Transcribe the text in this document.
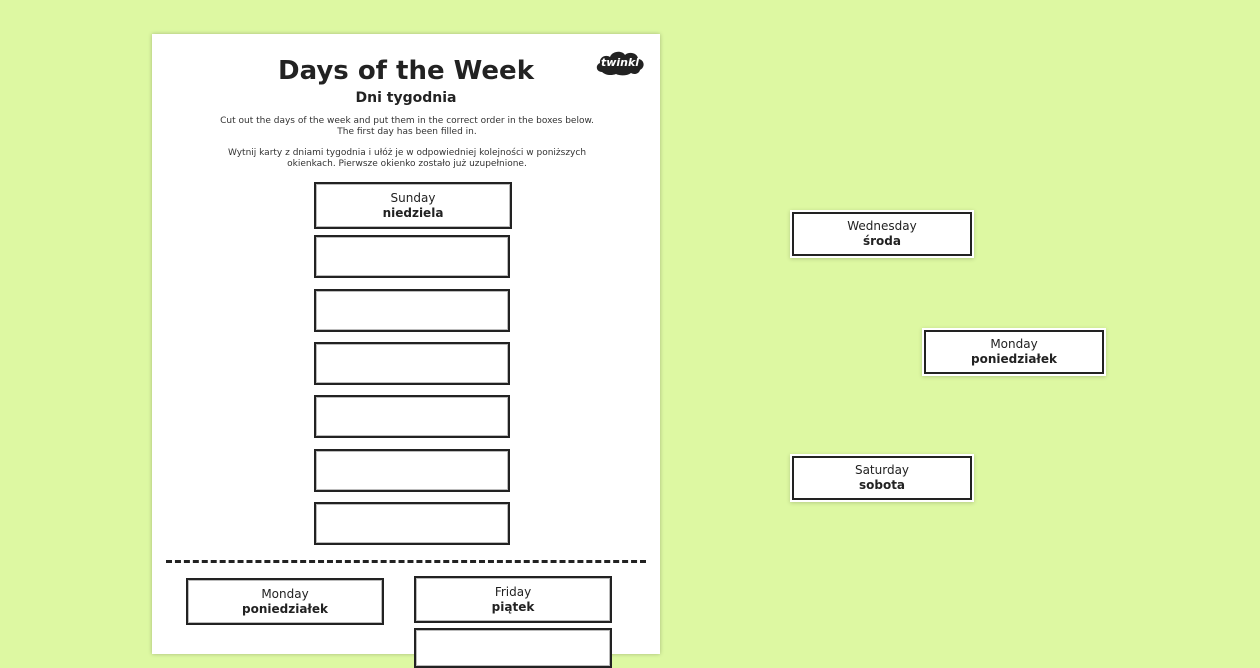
Days of the Week
Dni tygodnia
twinkl
Cut out the days of the week and put them in the correct order in the boxes below.
The first day has been filled in.
Wytnij karty z dniami tygodnia i ułóż je w odpowiedniej kolejności w poniższych
okienkach. Pierwsze okienko zostało już uzupełnione.
Sunday
niedziela
Monday
poniedziałek
Friday
piątek
Wednesday
środa
Monday
poniedziałek
Saturday
sobota
